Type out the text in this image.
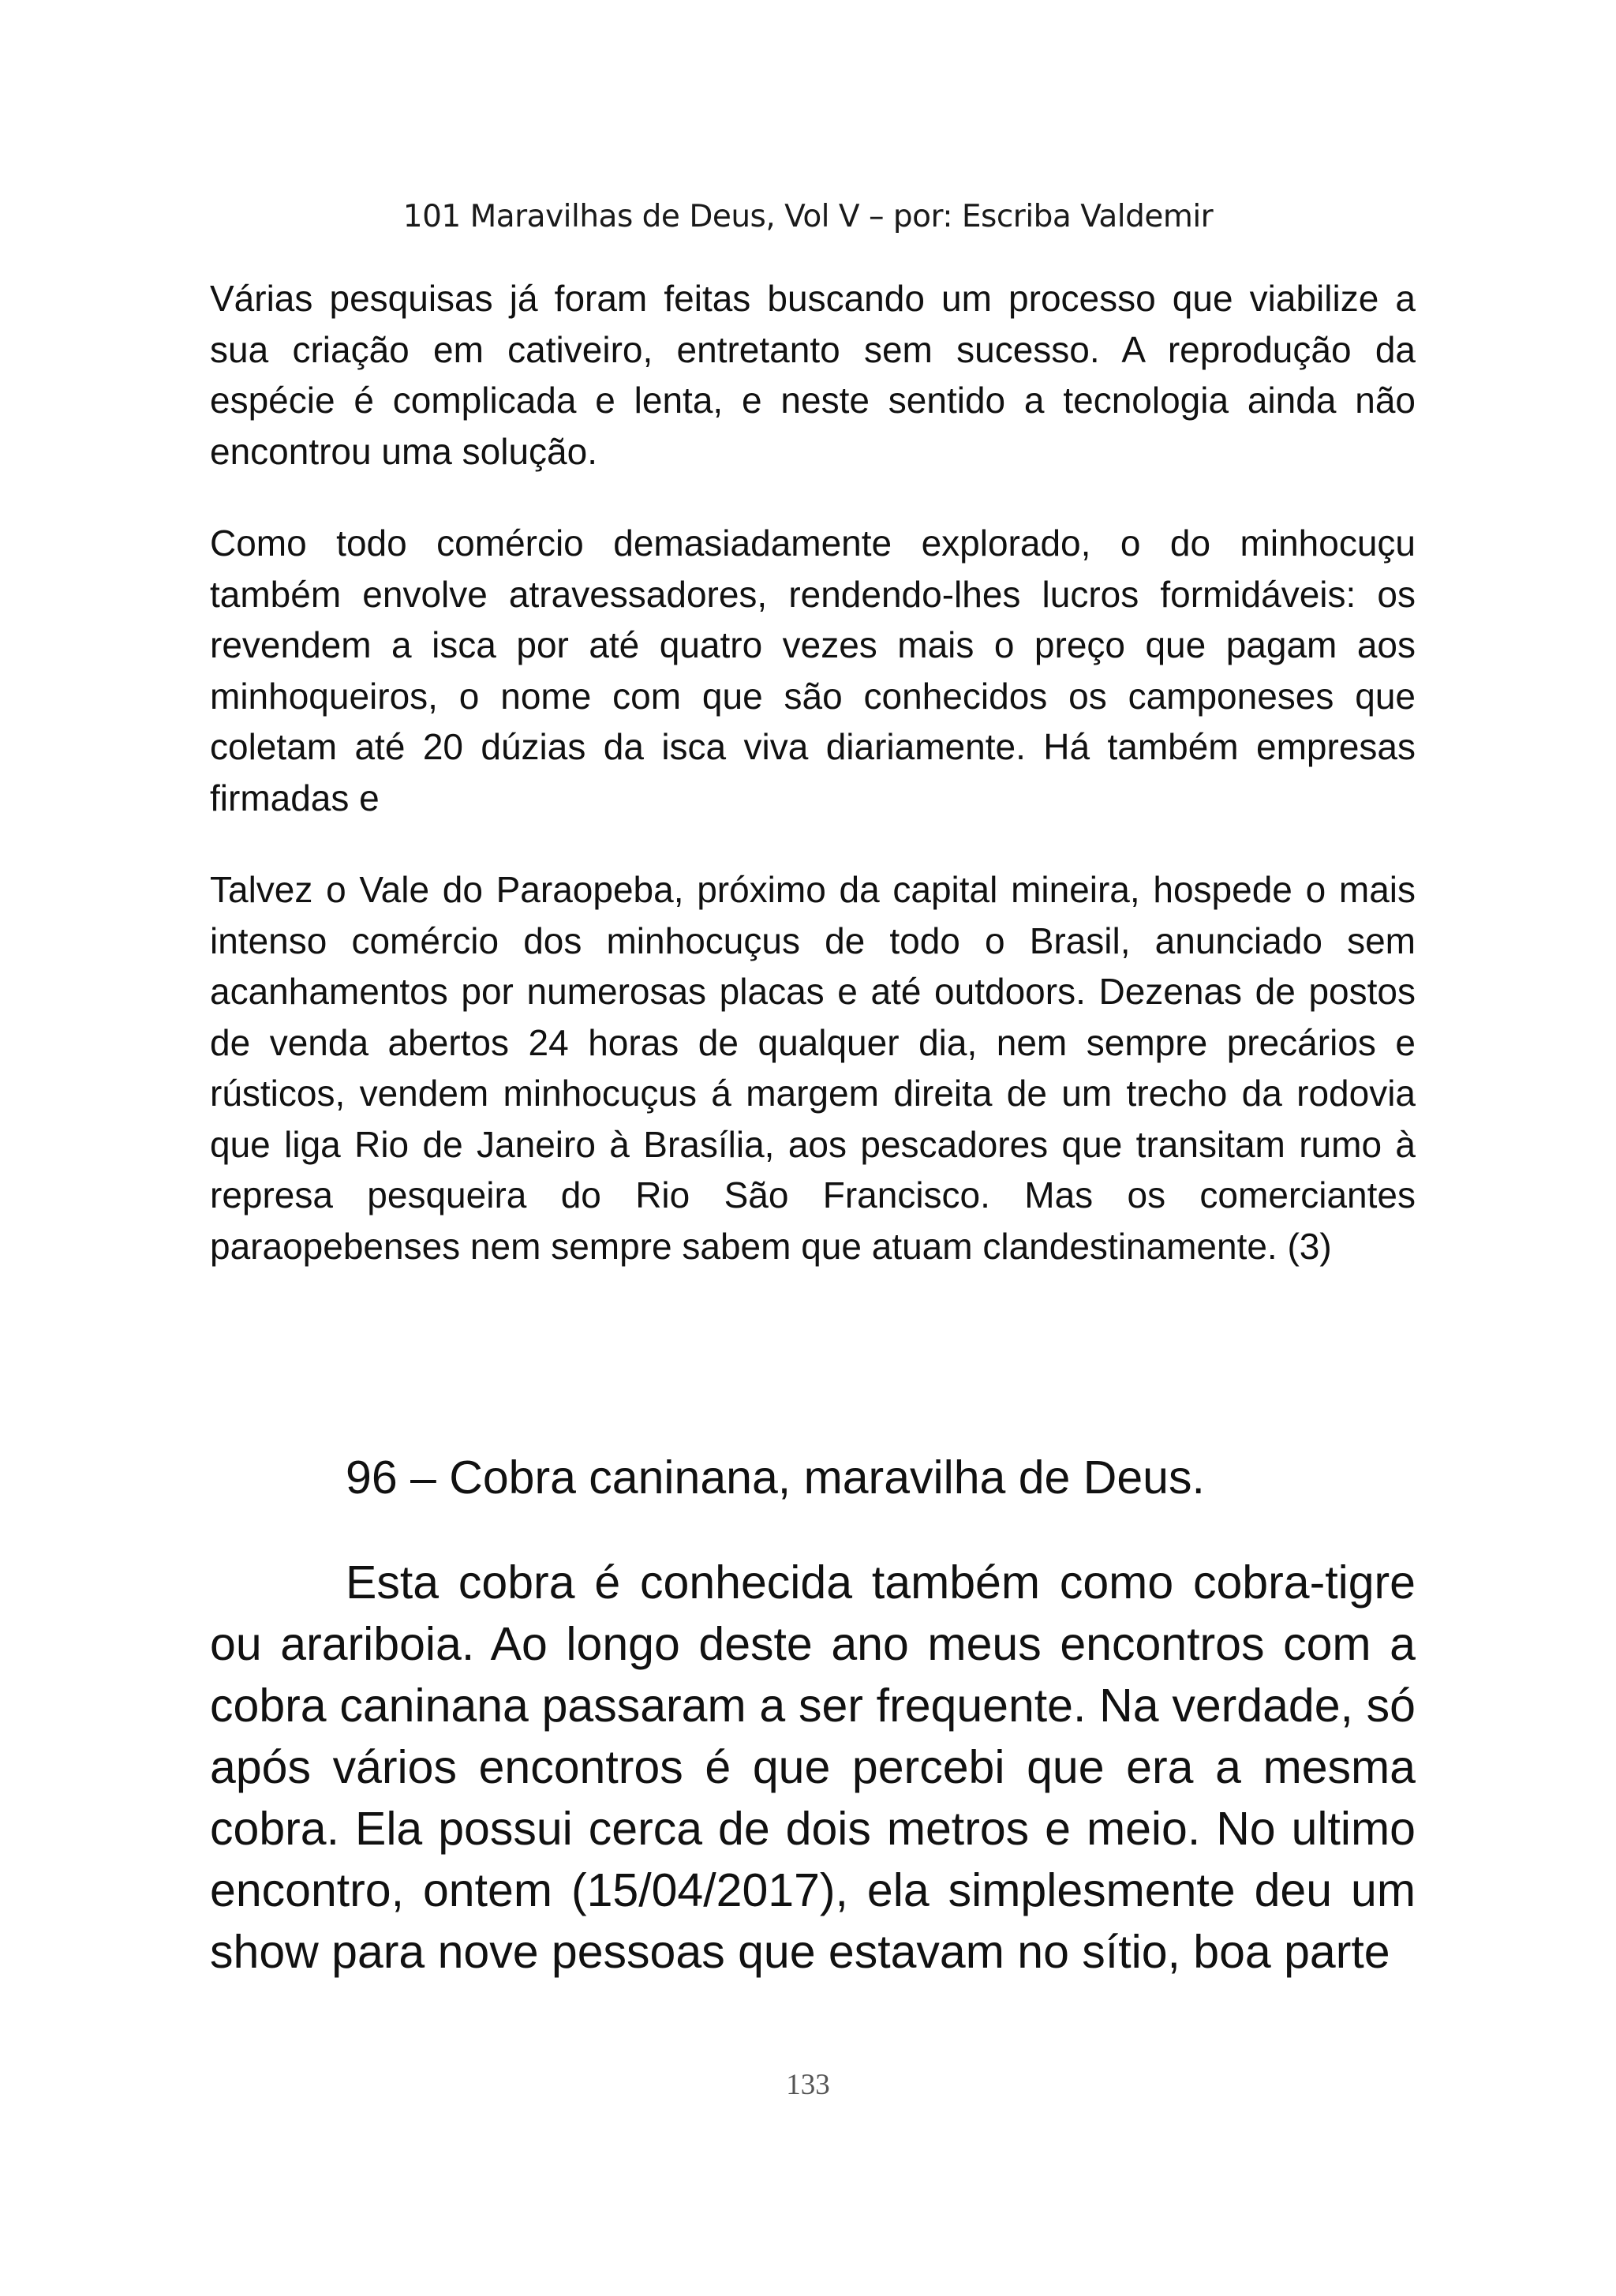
101 Maravilhas de Deus, Vol V – por: Escriba Valdemir

Várias pesquisas já foram feitas buscando um processo que viabilize a sua criação em cativeiro, entretanto sem sucesso. A reprodução da espécie é complicada e lenta, e neste sentido a tecnologia ainda não encontrou uma solução.

Como todo comércio demasiadamente explorado, o do minhocuçu também envolve atravessadores, rendendo-lhes lucros formidáveis: os revendem a isca por até quatro vezes mais o preço que pagam aos minhoqueiros, o nome com que são conhecidos os camponeses que coletam até 20 dúzias da isca viva diariamente. Há também empresas firmadas e

Talvez o Vale do Paraopeba, próximo da capital mineira, hospede o mais intenso comércio dos minhocuçus de todo o Brasil, anunciado sem acanhamentos por numerosas placas e até outdoors. Dezenas de postos de venda abertos 24 horas de qualquer dia, nem sempre precários e rústicos, vendem minhocuçus á margem direita de um trecho da rodovia que liga Rio de Janeiro à Brasília, aos pescadores que transitam rumo à represa pesqueira do Rio São Francisco. Mas os comerciantes paraopebenses nem sempre sabem que atuam clandestinamente. (3)

96 – Cobra caninana, maravilha de Deus.

Esta cobra é conhecida também como cobra-tigre ou arariboia. Ao longo deste ano meus encontros com a cobra caninana passaram a ser frequente. Na verdade, só após vários encontros é que percebi que era a mesma cobra. Ela possui cerca de dois metros e meio. No ultimo encontro, ontem (15/04/2017), ela simplesmente deu um show para nove pessoas que estavam no sítio, boa parte

133
